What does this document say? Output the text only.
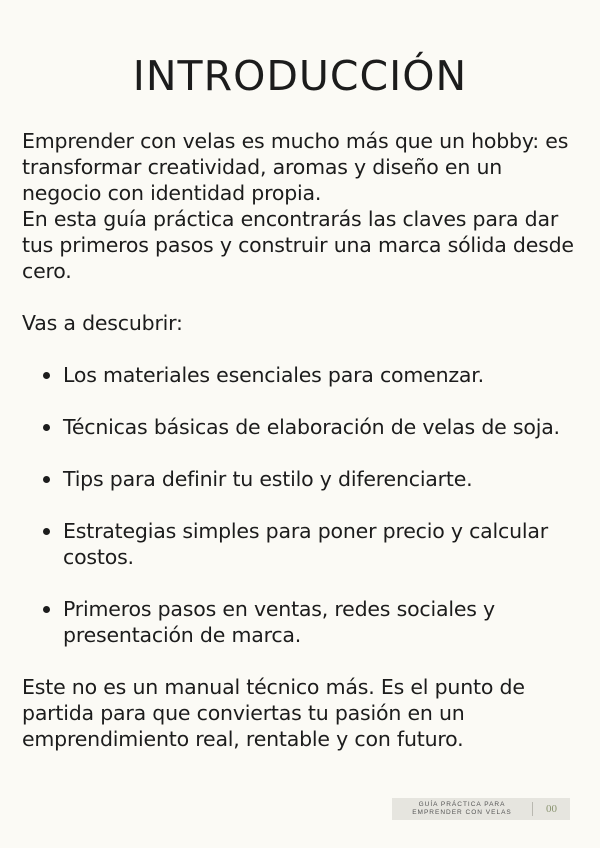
INTRODUCCIÓN

Emprender con velas es mucho más que un hobby: es transformar creatividad, aromas y diseño en un negocio con identidad propia.

En esta guía práctica encontrarás las claves para dar tus primeros pasos y construir una marca sólida desde cero.

Vas a descubrir:

Los materiales esenciales para comenzar.
Técnicas básicas de elaboración de velas de soja.
Tips para definir tu estilo y diferenciarte.
Estrategias simples para poner precio y calcular costos.
Primeros pasos en ventas, redes sociales y presentación de marca.

Este no es un manual técnico más. Es el punto de partida para que conviertas tu pasión en un emprendimiento real, rentable y con futuro.

GUÍA PRÁCTICA PARA
EMPRENDER CON VELAS	00
